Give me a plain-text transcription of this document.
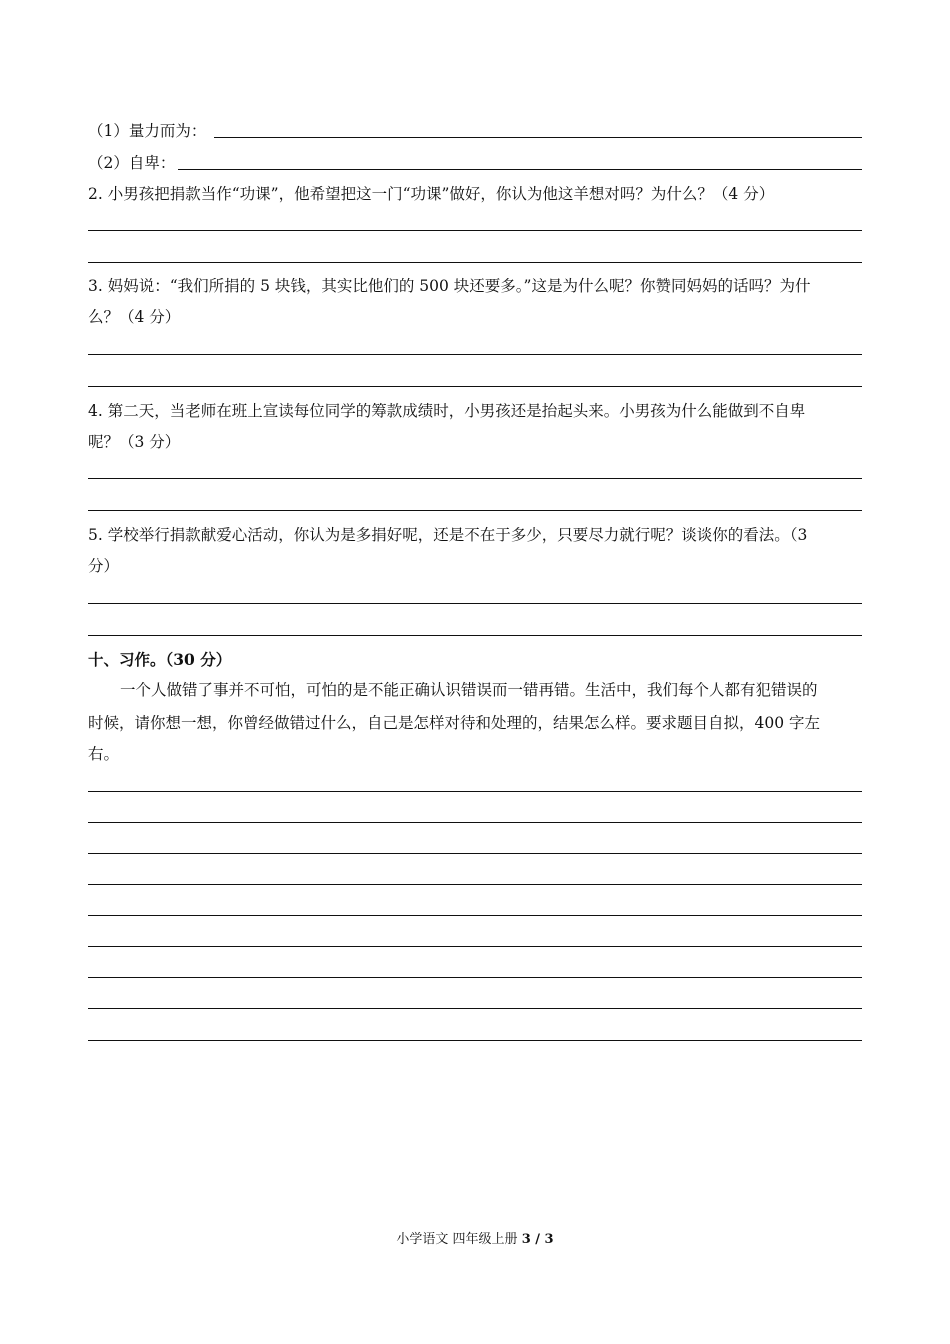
（1）量力而为：
（2）自卑：
2. 小男孩把捐款当作“功课”，他希望把这一门“功课”做好，你认为他这羊想对吗？为什么？（4 分）
3. 妈妈说：“我们所捐的 5 块钱，其实比他们的 500 块还要多。”这是为什么呢？你赞同妈妈的话吗？为什
么？（4 分）
4. 第二天，当老师在班上宣读每位同学的筹款成绩时，小男孩还是抬起头来。小男孩为什么能做到不自卑
呢？（3 分）
5. 学校举行捐款献爱心活动，你认为是多捐好呢，还是不在于多少，只要尽力就行呢？谈谈你的看法。（3
分）
十、习作。（30 分）
一个人做错了事并不可怕，可怕的是不能正确认识错误而一错再错。生活中，我们每个人都有犯错误的
时候，请你想一想，你曾经做错过什么，自己是怎样对待和处理的，结果怎么样。要求题目自拟，400 字左
右。
小学语文 四年级上册 3 / 3
